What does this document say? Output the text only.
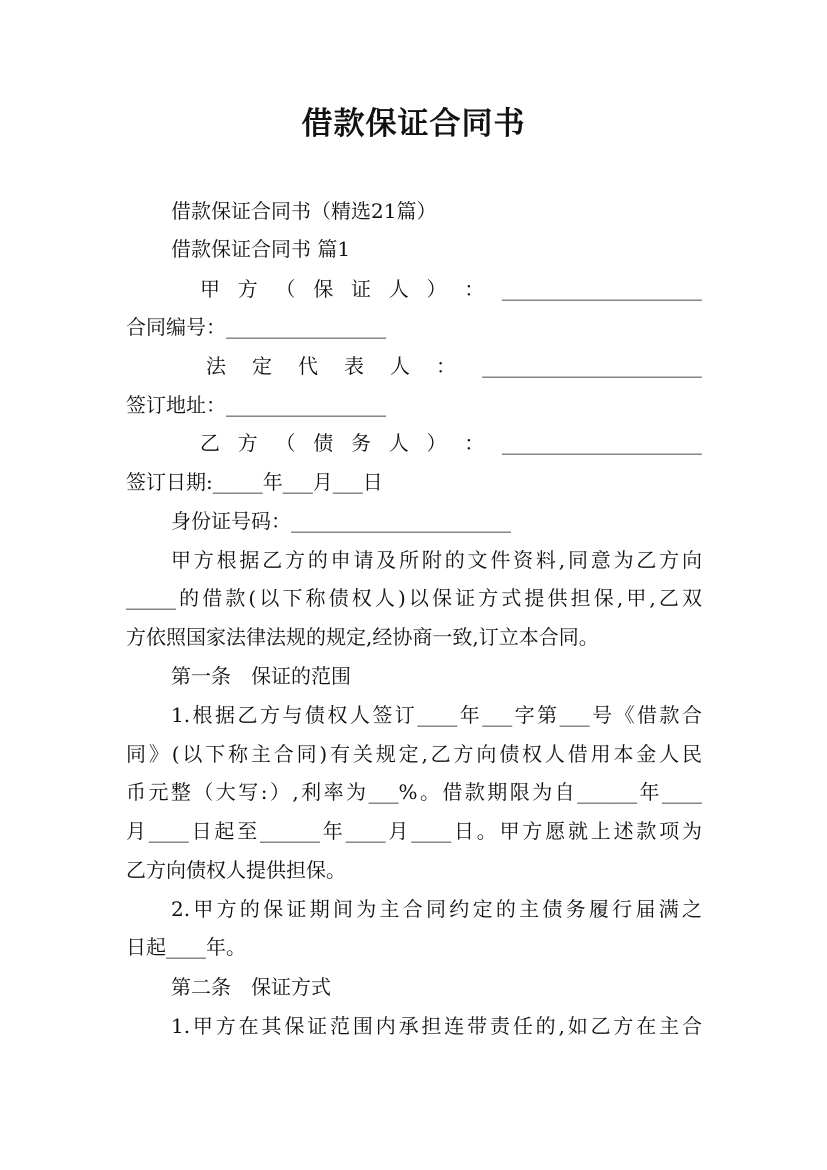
借款保证合同书
借款保证合同书（精选21篇）
借款保证合同书 篇1
甲 方 （ 保 证 人 ） ： ____________________
合同编号：________________
法 定 代 表 人 ： ______________________
签订地址：________________
乙 方 （ 债 务 人 ） ： ____________________
签订日期:_____年___月___日
身份证号码：______________________
甲方根据乙方的申请及所附的文件资料,同意为乙方向
_____的借款(以下称债权人)以保证方式提供担保,甲,乙双
方依照国家法律法规的规定,经协商一致,订立本合同。
第一条　保证的范围
1.根据乙方与债权人签订____年___字第___号《借款合
同》(以下称主合同)有关规定,乙方向债权人借用本金人民
币元整（大写:）,利率为___%。借款期限为自______年____
月____日起至______年____月____日。甲方愿就上述款项为
乙方向债权人提供担保。
2.甲方的保证期间为主合同约定的主债务履行届满之
日起____年。
第二条　保证方式
1.甲方在其保证范围内承担连带责任的,如乙方在主合
